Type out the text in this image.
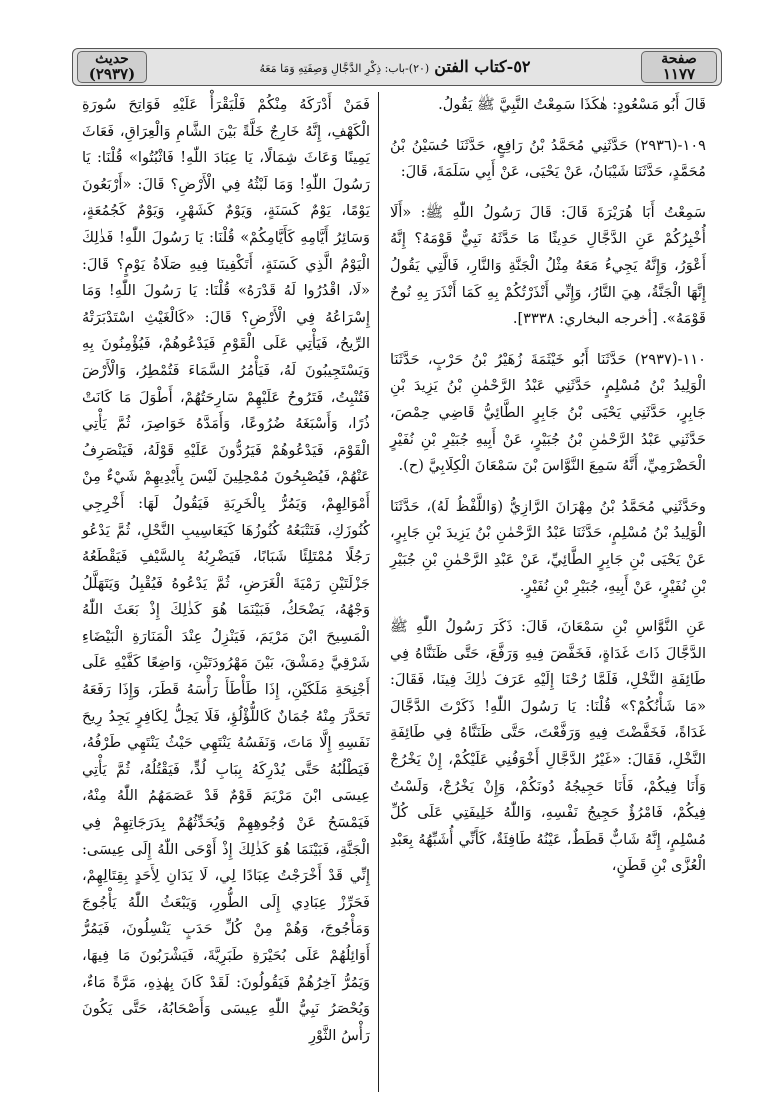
حديث
(٢٩٣٧)	٥٢-كتاب الفتن (٢٠)-باب: ذِكْرِ الدَّجَّالِ وَصِفَتِهِ وَمَا مَعَهُ
صفحة
١١٧٧

قَالَ أَبُو مَسْعُودٍ: هٰكَذَا سَمِعْتُ النَّبِيَّ ﷺ يَقُولُ.

١٠٩-(٢٩٣٦) حَدَّثَنِي مُحَمَّدُ بْنُ رَافِعٍ، حَدَّثَنَا حُسَيْنُ بْنُ مُحَمَّدٍ، حَدَّثَنَا شَيْبَانُ، عَنْ يَحْيَى، عَنْ أَبِي سَلَمَةَ، قَالَ:

سَمِعْتُ أَبَا هُرَيْرَةَ قَالَ: قَالَ رَسُولُ اللّٰهِ ﷺ: «أَلَا أُخْبِرُكُمْ عَنِ الدَّجَّالِ حَدِيثًا مَا حَدَّثَهُ نَبِيٌّ قَوْمَهُ؟ إِنَّهُ أَعْوَرُ، وَإِنَّهُ يَجِيءُ مَعَهُ مِثْلُ الْجَنَّةِ وَالنَّارِ، فَالَّتِي يَقُولُ إِنَّهَا الْجَنَّةُ، هِيَ النَّارُ، وَإِنِّي أَنْذَرْتُكُمْ بِهِ كَمَا أَنْذَرَ بِهِ نُوحٌ قَوْمَهُ». [أخرجه البخاري: ٣٣٣٨].

١١٠-(٢٩٣٧) حَدَّثَنَا أَبُو خَيْثَمَةَ زُهَيْرُ بْنُ حَرْبٍ، حَدَّثَنَا الْوَلِيدُ بْنُ مُسْلِمٍ، حَدَّثَنِي عَبْدُ الرَّحْمٰنِ بْنُ يَزِيدَ بْنِ جَابِرٍ، حَدَّثَنِي يَحْيَى بْنُ جَابِرٍ الطَّائِيُّ قَاضِي حِمْصَ، حَدَّثَنِي عَبْدُ الرَّحْمٰنِ بْنُ جُبَيْرٍ، عَنْ أَبِيهِ جُبَيْرِ بْنِ نُفَيْرٍ الْحَضْرَمِيِّ، أَنَّهُ سَمِعَ النَّوَّاسَ بْنَ سَمْعَانَ الْكِلَابِيَّ (ح).

وحَدَّثَنِي مُحَمَّدُ بْنُ مِهْرَانَ الرَّازِيُّ (وَاللَّفْظُ لَهُ)، حَدَّثَنَا الْوَلِيدُ بْنُ مُسْلِمٍ، حَدَّثَنَا عَبْدُ الرَّحْمٰنِ بْنُ يَزِيدَ بْنِ جَابِرٍ، عَنْ يَحْيَى بْنِ جَابِرٍ الطَّائِيِّ، عَنْ عَبْدِ الرَّحْمٰنِ بْنِ جُبَيْرِ بْنِ نُفَيْرٍ، عَنْ أَبِيهِ، جُبَيْرِ بْنِ نُفَيْرٍ.

عَنِ النَّوَّاسِ بْنِ سَمْعَانَ، قَالَ: ذَكَرَ رَسُولُ اللّٰهِ ﷺ الدَّجَّالَ ذَاتَ غَدَاةٍ، فَخَفَّضَ فِيهِ وَرَفَّعَ، حَتَّى ظَنَنَّاهُ فِي طَائِفَةِ النَّخْلِ، فَلَمَّا رُحْنَا إِلَيْهِ عَرَفَ ذٰلِكَ فِينَا، فَقَالَ: «مَا شَأْنُكُمْ؟» قُلْنَا: يَا رَسُولَ اللّٰهِ! ذَكَرْتَ الدَّجَّالَ غَدَاةً، فَخَفَّضْتَ فِيهِ وَرَفَّعْتَ، حَتَّى ظَنَنَّاهُ فِي طَائِفَةِ النَّخْلِ، فَقَالَ: «غَيْرُ الدَّجَّالِ أَخْوَفُنِي عَلَيْكُمْ، إِنْ يَخْرُجْ وَأَنَا فِيكُمْ، فَأَنَا حَجِيجُهُ دُونَكُمْ، وَإِنْ يَخْرُجْ، وَلَسْتُ فِيكُمْ، فَامْرُؤٌ حَجِيجُ نَفْسِهِ، وَاللّٰهُ خَلِيفَتِي عَلَى كُلِّ مُسْلِمٍ، إِنَّهُ شَابٌّ قَطَطٌ، عَيْنُهُ طَافِئَةٌ، كَأَنِّي أُشَبِّهُهُ بِعَبْدِ الْعُزَّى بْنِ قَطَنٍ،

فَمَنْ أَدْرَكَهُ مِنْكُمْ فَلْيَقْرَأْ عَلَيْهِ فَوَاتِحَ سُورَةِ الْكَهْفِ، إِنَّهُ خَارِجٌ خَلَّةً بَيْنَ الشَّامِ وَالْعِرَاقِ، فَعَاثَ يَمِينًا وَعَاثَ شِمَالًا، يَا عِبَادَ اللّٰهِ! فَاثْبُتُوا» قُلْنَا: يَا رَسُولَ اللّٰهِ! وَمَا لَبْثُهُ فِي الْأَرْضِ؟ قَالَ: «أَرْبَعُونَ يَوْمًا، يَوْمٌ كَسَنَةٍ، وَيَوْمٌ كَشَهْرٍ، وَيَوْمٌ كَجُمُعَةٍ، وَسَائِرُ أَيَّامِهِ كَأَيَّامِكُمْ» قُلْنَا: يَا رَسُولَ اللّٰهِ! فَذٰلِكَ الْيَوْمُ الَّذِي كَسَنَةٍ، أَتَكْفِينَا فِيهِ صَلَاةُ يَوْمٍ؟ قَالَ: «لَا، اقْدُرُوا لَهُ قَدْرَهُ» قُلْنَا: يَا رَسُولَ اللّٰهِ! وَمَا إِسْرَاعُهُ فِي الْأَرْضِ؟ قَالَ: «كَالْغَيْثِ اسْتَدْبَرَتْهُ الرِّيحُ، فَيَأْتِي عَلَى الْقَوْمِ فَيَدْعُوهُمْ، فَيُؤْمِنُونَ بِهِ وَيَسْتَجِيبُونَ لَهُ، فَيَأْمُرُ السَّمَاءَ فَتُمْطِرُ، وَالْأَرْضَ فَتُنْبِتُ، فَتَرُوحُ عَلَيْهِمْ سَارِحَتُهُمْ، أَطْوَلَ مَا كَانَتْ ذُرًا، وَأَسْبَغَهُ ضُرُوعًا، وَأَمَدَّهُ خَوَاصِرَ، ثُمَّ يَأْتِي الْقَوْمَ، فَيَدْعُوهُمْ فَيَرُدُّونَ عَلَيْهِ قَوْلَهُ، فَيَنْصَرِفُ عَنْهُمْ، فَيُصْبِحُونَ مُمْحِلِينَ لَيْسَ بِأَيْدِيهِمْ شَيْءٌ مِنْ أَمْوَالِهِمْ، وَيَمُرُّ بِالْخَرِبَةِ فَيَقُولُ لَهَا: أَخْرِجِي كُنُوزَكِ، فَتَتْبَعُهُ كُنُوزُهَا كَيَعَاسِيبِ النَّحْلِ، ثُمَّ يَدْعُو رَجُلًا مُمْتَلِئًا شَبَابًا، فَيَضْرِبُهُ بِالسَّيْفِ فَيَقْطَعُهُ جَزْلَتَيْنِ رَمْيَةَ الْغَرَضِ، ثُمَّ يَدْعُوهُ فَيُقْبِلُ وَيَتَهَلَّلُ وَجْهُهُ، يَضْحَكُ، فَبَيْنَمَا هُوَ كَذٰلِكَ إِذْ بَعَثَ اللّٰهُ الْمَسِيحَ ابْنَ مَرْيَمَ، فَيَنْزِلُ عِنْدَ الْمَنَارَةِ الْبَيْضَاءِ شَرْقِيَّ دِمَشْقَ، بَيْنَ مَهْرُودَتَيْنِ، وَاضِعًا كَفَّيْهِ عَلَى أَجْنِحَةِ مَلَكَيْنِ، إِذَا طَأْطَأَ رَأْسَهُ قَطَرَ، وَإِذَا رَفَعَهُ تَحَدَّرَ مِنْهُ جُمَانٌ كَاللُّؤْلُؤِ، فَلَا يَحِلُّ لِكَافِرٍ يَجِدُ رِيحَ نَفَسِهِ إِلَّا مَاتَ، وَنَفَسُهُ يَنْتَهِي حَيْثُ يَنْتَهِي طَرْفُهُ، فَيَطْلُبُهُ حَتَّى يُدْرِكَهُ بِبَابِ لُدٍّ، فَيَقْتُلُهُ، ثُمَّ يَأْتِي عِيسَى ابْنَ مَرْيَمَ قَوْمٌ قَدْ عَصَمَهُمُ اللّٰهُ مِنْهُ، فَيَمْسَحُ عَنْ وُجُوهِهِمْ وَيُحَدِّثُهُمْ بِدَرَجَاتِهِمْ فِي الْجَنَّةِ، فَبَيْنَمَا هُوَ كَذٰلِكَ إِذْ أَوْحَى اللّٰهُ إِلَى عِيسَى: إِنِّي قَدْ أَخْرَجْتُ عِبَادًا لِي، لَا يَدَانِ لِأَحَدٍ بِقِتَالِهِمْ، فَحَرِّزْ عِبَادِي إِلَى الطُّورِ، وَيَبْعَثُ اللّٰهُ يَأْجُوجَ وَمَأْجُوجَ، وَهُمْ مِنْ كُلِّ حَدَبٍ يَنْسِلُونَ، فَيَمُرُّ أَوَائِلُهُمْ عَلَى بُحَيْرَةِ طَبَرِيَّةَ، فَيَشْرَبُونَ مَا فِيهَا، وَيَمُرُّ آخِرُهُمْ فَيَقُولُونَ: لَقَدْ كَانَ بِهٰذِهِ، مَرَّةً مَاءٌ، وَيُحْصَرُ نَبِيُّ اللّٰهِ عِيسَى وَأَصْحَابُهُ، حَتَّى يَكُونَ رَأْسُ الثَّوْرِ
